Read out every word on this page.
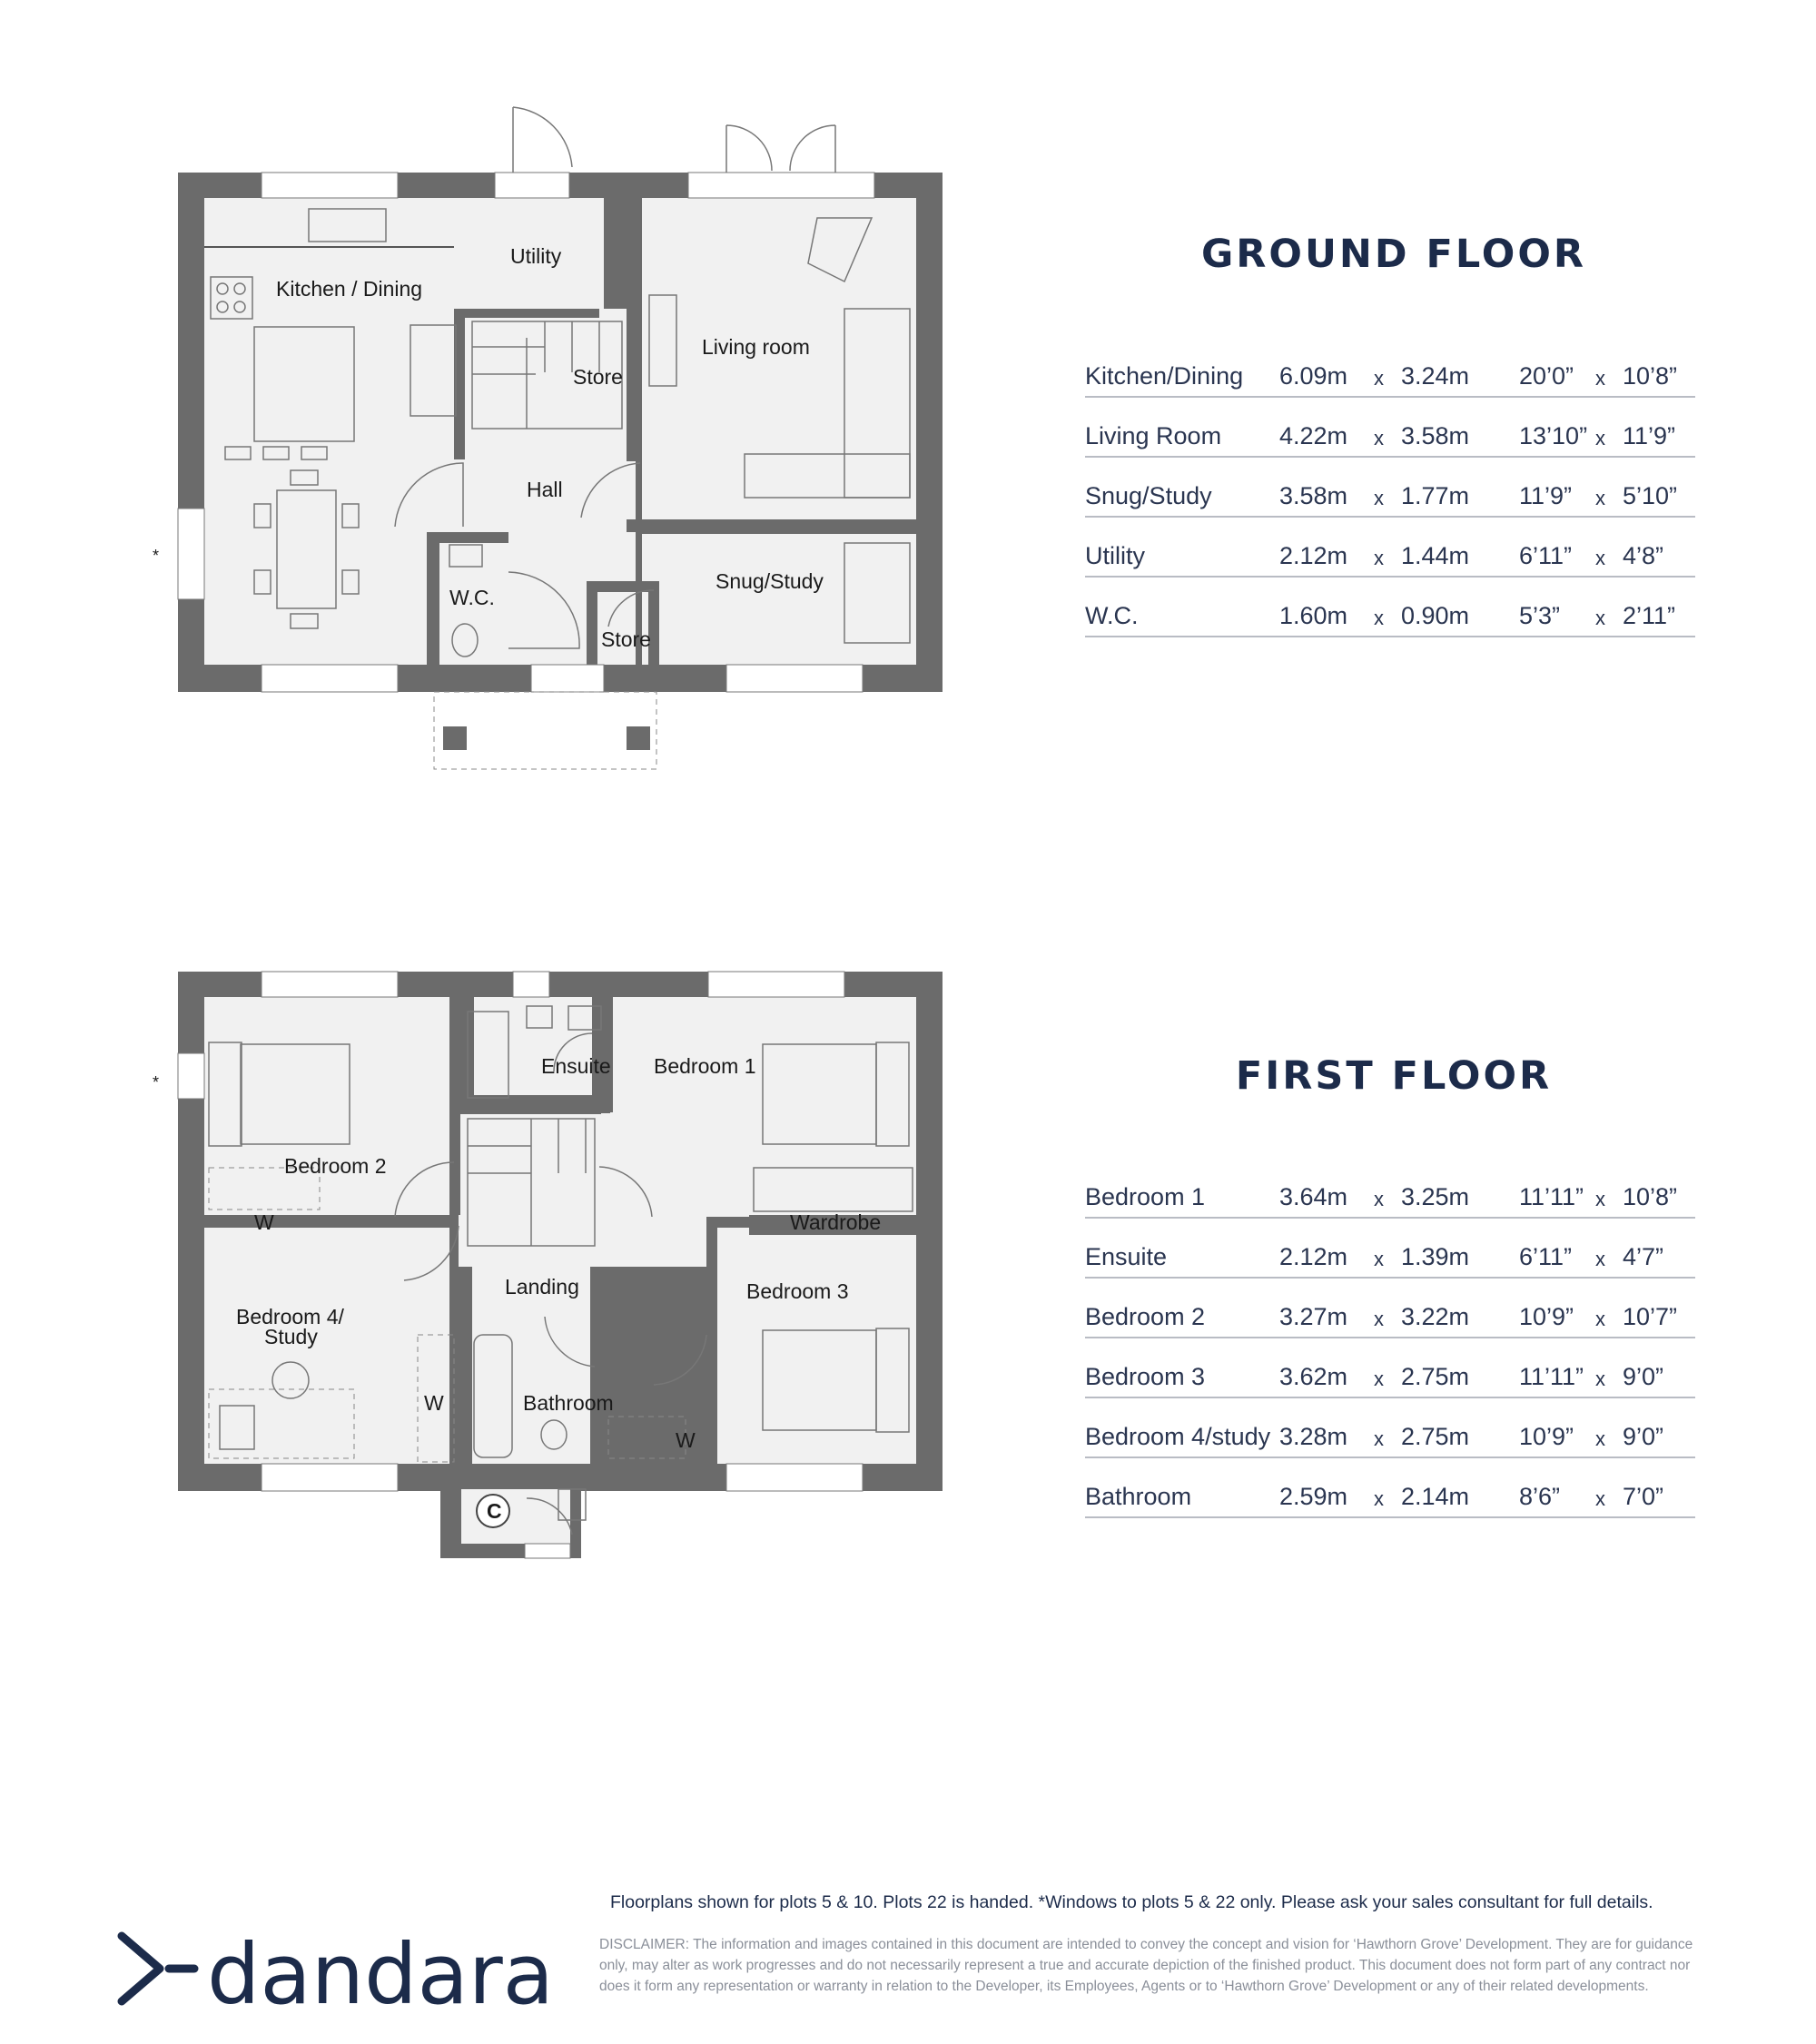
Kitchen / Dining
Utility
Living room
Store
Hall
W.C.
Snug/Study
Store
*
Ensuite Bedroom 1
Bedroom 2
W	Wardrobe
Landing	Bedroom 3
Bedroom 4/
Study
W	Bathroom
W
C
*
GROUND FLOOR
Kitchen/Dining 6.09m x 3.24m 20’0” x 10’8”
Living Room 4.22m x 3.58m 13’10” x 11’9”
Snug/Study	3.58m x 1.77m 11’9” x 5’10”
Utility	2.12m x 1.44m 6’11” x 4’8”
W.C.	1.60m x 0.90m 5’3” x 2’11”
FIRST FLOOR
Bedroom 1	3.64m x 3.25m 11’11” x 10’8”
Ensuite	2.12m x 1.39m 6’11” x 4’7”
Bedroom 2	3.27m x 3.22m 10’9” x 10’7”
Bedroom 3	3.62m x 2.75m 11’11” x 9’0”
Bedroom 4/study 3.28m x 2.75m 10’9” x 9’0”
Bathroom	2.59m x 2.14m 8’6” x 7’0”
Floorplans shown for plots 5 & 10. Plots 22 is handed. *Windows to plots 5 & 22 only. Please ask your sales consultant for full details.
DISCLAIMER: The information and images contained in this document are intended to convey the concept and vision for ‘Hawthorn Grove’ Development. They are for guidance only, may alter as work progresses and do not necessarily represent a true and accurate depiction of the finished product. This document does not form part of any contract nor does it form any representation or warranty in relation to the Developer, its Employees, Agents or to ‘Hawthorn Grove’ Development or any of their related developments.
dandara
